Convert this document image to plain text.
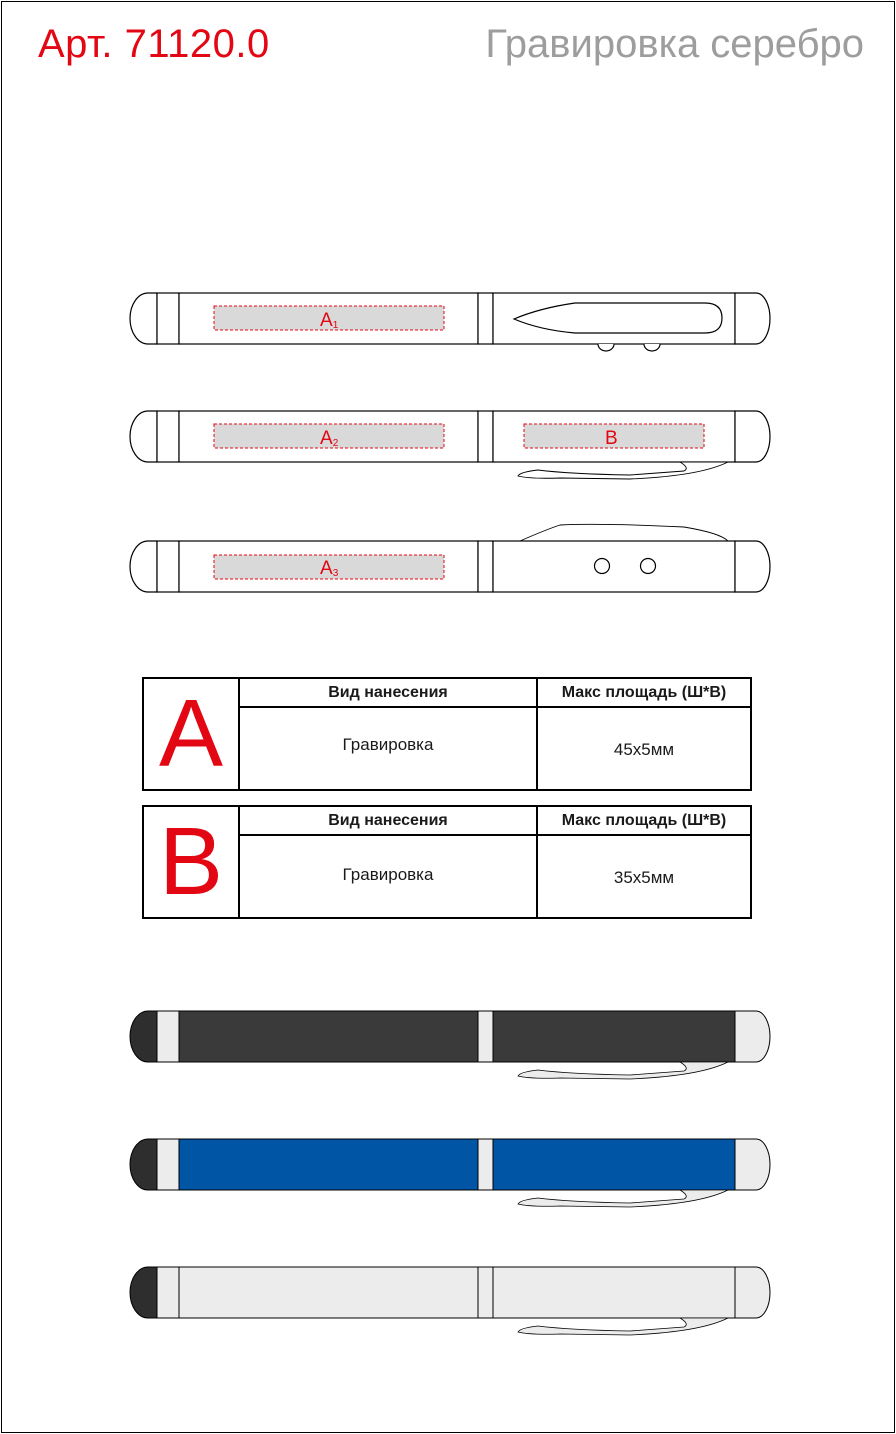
Арт. 71120.0	Гравировка серебро
A1
A2	B
A3
A	Вид нанесения	Макс площадь (Ш*В)
Гравировка	45x5мм
B	Вид нанесения	Макс площадь (Ш*В)
Гравировка	35x5мм
